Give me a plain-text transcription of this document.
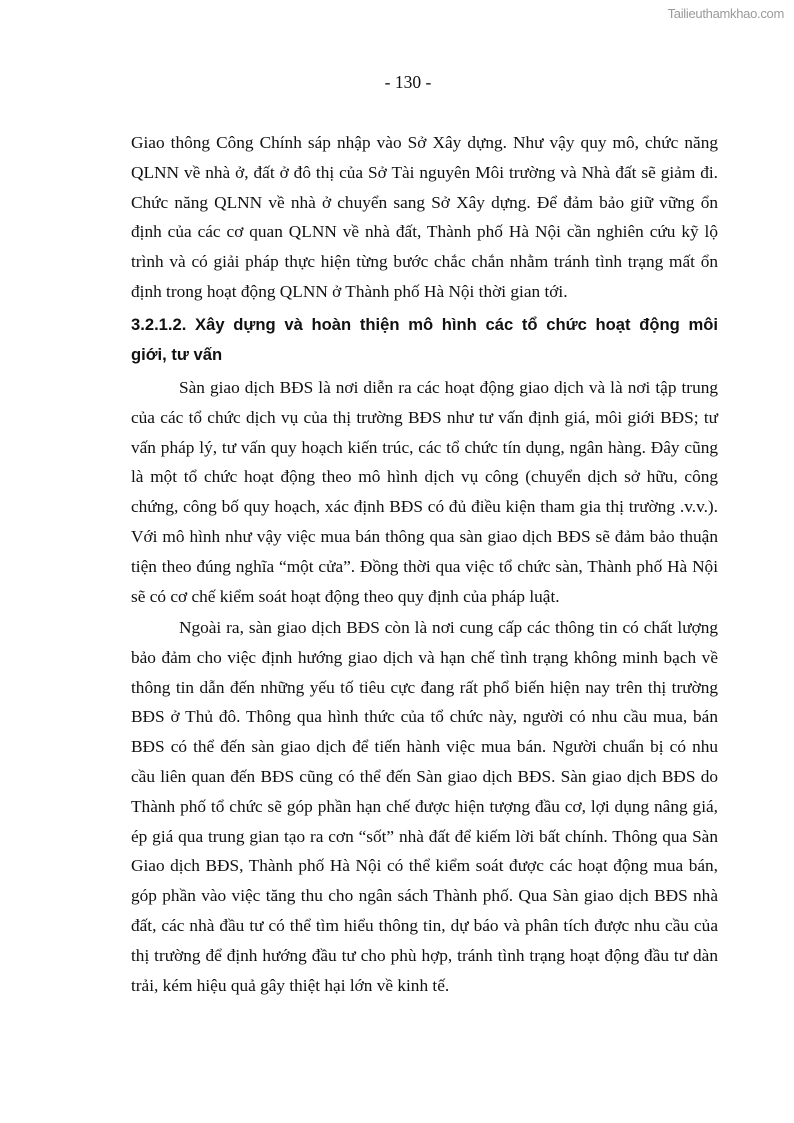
Tailieuthamkhao.com
- 130 -
Giao thông Công Chính sáp nhập vào Sở Xây dựng. Như vậy quy mô, chức năng
QLNN về nhà ở, đất ở đô thị của Sở Tài nguyên Môi trường và Nhà đất sẽ giảm đi.
Chức năng QLNN về nhà ở chuyển sang Sở Xây dựng. Để đảm bảo giữ vững ổn
định của các cơ quan QLNN về nhà đất, Thành phố Hà Nội cần nghiên cứu kỹ lộ
trình và có giải pháp thực hiện từng bước chắc chắn nhằm tránh tình trạng mất ổn
định trong hoạt động QLNN ở Thành phố Hà Nội thời gian tới.
3.2.1.2. Xây dựng và hoàn thiện mô hình các tổ chức hoạt động môi
giới, tư vấn
Sàn giao dịch BĐS là nơi diễn ra các hoạt động giao dịch và là nơi tập trung
của các tổ chức dịch vụ của thị trường BĐS như tư vấn định giá, môi giới BĐS; tư
vấn pháp lý, tư vấn quy hoạch kiến trúc, các tổ chức tín dụng, ngân hàng. Đây cũng
là một tổ chức hoạt động theo mô hình dịch vụ công (chuyển dịch sở hữu, công
chứng, công bố quy hoạch, xác định BĐS có đủ điều kiện tham gia thị trường .v.v.).
Với mô hình như vậy việc mua bán thông qua sàn giao dịch BĐS sẽ đảm bảo thuận
tiện theo đúng nghĩa “một cửa”. Đồng thời qua việc tổ chức sàn, Thành phố Hà Nội
sẽ có cơ chế kiểm soát hoạt động theo quy định của pháp luật.
Ngoài ra, sàn giao dịch BĐS còn là nơi cung cấp các thông tin có chất lượng
bảo đảm cho việc định hướng giao dịch và hạn chế tình trạng không minh bạch về
thông tin dẫn đến những yếu tố tiêu cực đang rất phổ biến hiện nay trên thị trường
BĐS ở Thủ đô. Thông qua hình thức của tổ chức này, người có nhu cầu mua, bán
BĐS có thể đến sàn giao dịch để tiến hành việc mua bán. Người chuẩn bị có nhu
cầu liên quan đến BĐS cũng có thể đến Sàn giao dịch BĐS. Sàn giao dịch BĐS do
Thành phố tổ chức sẽ góp phần hạn chế được hiện tượng đầu cơ, lợi dụng nâng giá,
ép giá qua trung gian tạo ra cơn “sốt” nhà đất để kiếm lời bất chính. Thông qua Sàn
Giao dịch BĐS, Thành phố Hà Nội có thể kiểm soát được các hoạt động mua bán,
góp phần vào việc tăng thu cho ngân sách Thành phố. Qua Sàn giao dịch BĐS nhà
đất, các nhà đầu tư có thể tìm hiểu thông tin, dự báo và phân tích được nhu cầu của
thị trường để định hướng đầu tư cho phù hợp, tránh tình trạng hoạt động đầu tư dàn
trải, kém hiệu quả gây thiệt hại lớn về kinh tế.
